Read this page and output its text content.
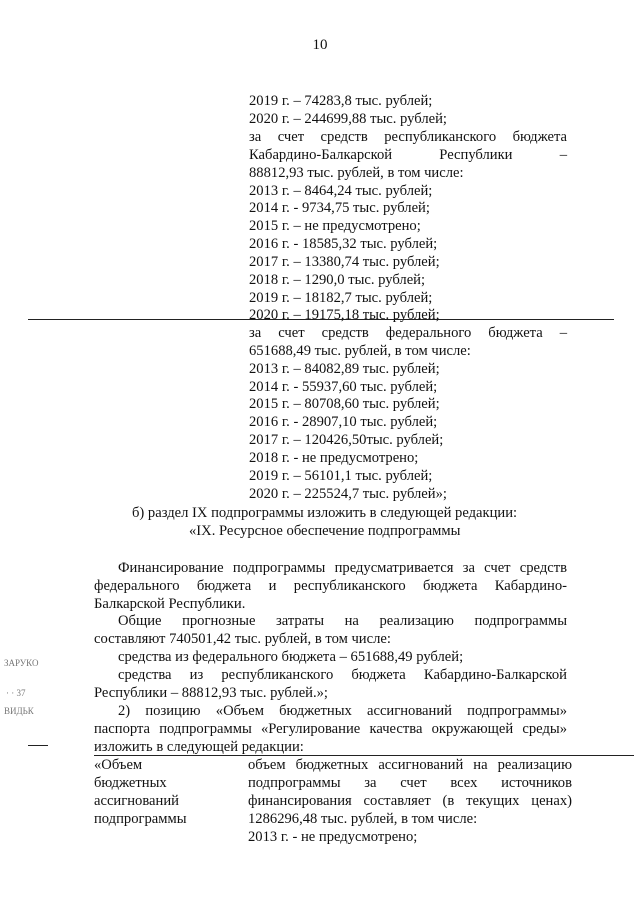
10
2019 г. – 74283,8 тыс. рублей;
2020 г. – 244699,88 тыс. рублей;
за счет средств республиканского бюджета
Кабардино-Балкарской Республики –
88812,93 тыс. рублей, в том числе:
2013 г. – 8464,24 тыс. рублей;
2014 г. - 9734,75 тыс. рублей;
2015 г. – не предусмотрено;
2016 г. - 18585,32 тыс. рублей;
2017 г. – 13380,74 тыс. рублей;
2018 г. – 1290,0 тыс. рублей;
2019 г. – 18182,7 тыс. рублей;
2020 г. – 19175,18 тыс. рублей;
за счет средств федерального бюджета –
651688,49 тыс. рублей, в том числе:
2013 г. – 84082,89 тыс. рублей;
2014 г. - 55937,60 тыс. рублей;
2015 г. – 80708,60 тыс. рублей;
2016 г. - 28907,10 тыс. рублей;
2017 г. – 120426,50тыс. рублей;
2018 г. - не предусмотрено;
2019 г. – 56101,1 тыс. рублей;
2020 г. – 225524,7 тыс. рублей»;
б) раздел IX подпрограммы изложить в следующей редакции:
«IX. Ресурсное обеспечение подпрограммы
Финансирование подпрограммы предусматривается за счет средств
федерального бюджета и республиканского бюджета Кабардино-
Балкарской Республики.
Общие прогнозные затраты на реализацию подпрограммы
составляют 740501,42 тыс. рублей, в том числе:
средства из федерального бюджета – 651688,49 рублей;
средства из республиканского бюджета Кабардино-Балкарской
Республики – 88812,93 тыс. рублей.»;
2) позицию «Объем бюджетных ассигнований подпрограммы»
паспорта подпрограммы «Регулирование качества окружающей среды»
изложить в следующей редакции:
«Объем
бюджетных
ассигнований
подпрограммы
объем бюджетных ассигнований на реализацию
подпрограммы за счет всех источников
финансирования составляет (в текущих ценах)
1286296,48 тыс. рублей, в том числе:
2013 г. - не предусмотрено;
ЗАРУКО
· · 37
ВИДЬК
